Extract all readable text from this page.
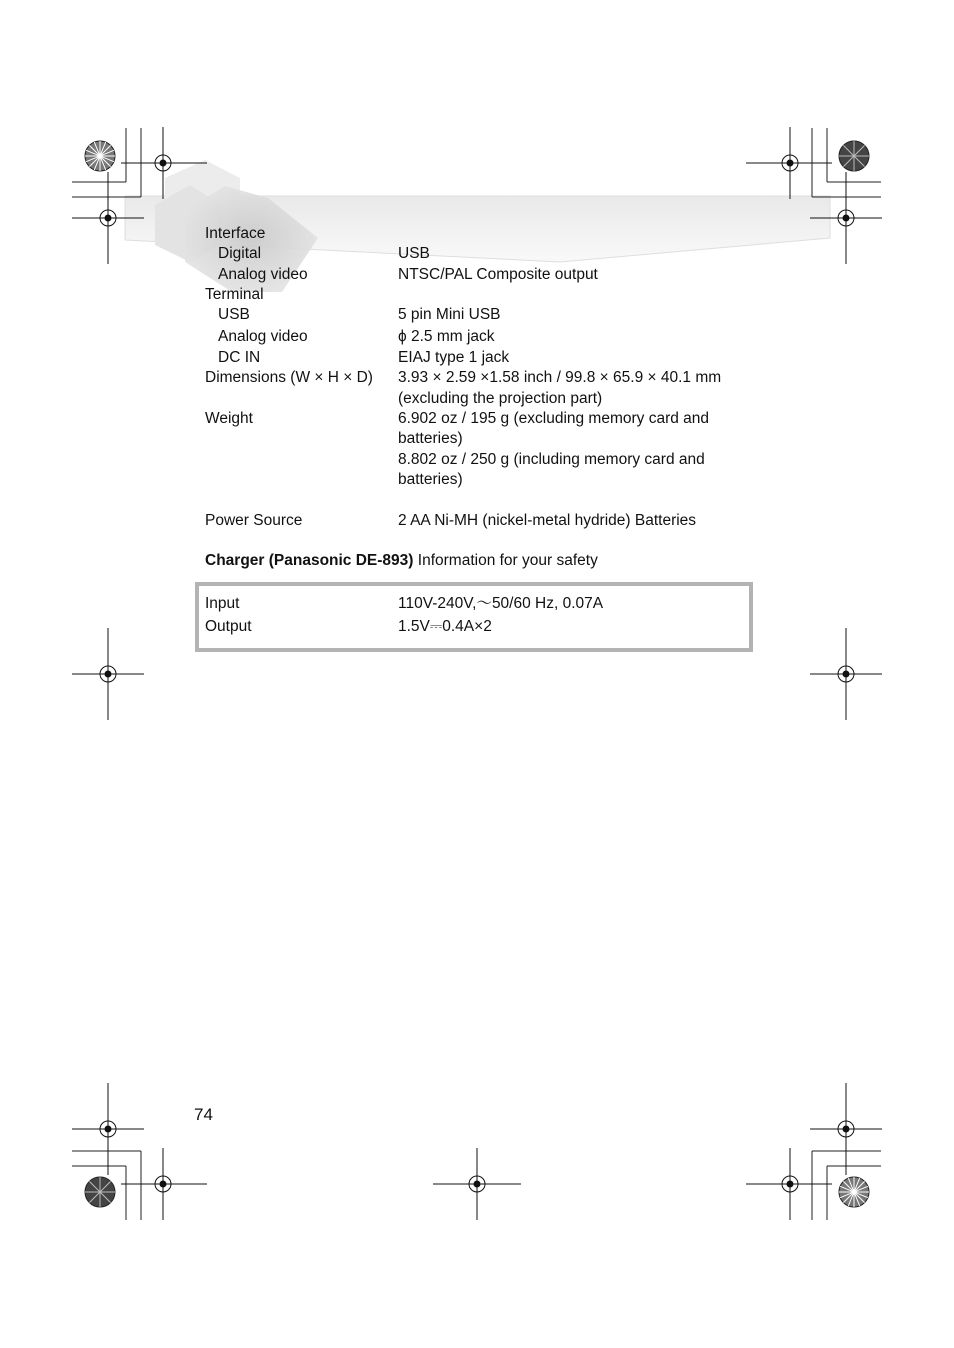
Interface
Digital	USB
Analog video	NTSC/PAL Composite output
Terminal
USB	5 pin Mini USB
Analog video	ϕ 2.5 mm jack
DC IN	EIAJ type 1 jack
Dimensions (W × H × D) 3.93 × 2.59 ×1.58 inch / 99.8 × 65.9 × 40.1 mm
(excluding the projection part)
Weight	6.902 oz / 195 g (excluding memory card and
batteries)
8.802 oz / 250 g (including memory card and
batteries)
Power Source	2 AA Ni-MH (nickel-metal hydride) Batteries
Charger (Panasonic DE-893) Information for your safety
Input	110V-240V,～50/60 Hz, 0.07A
Output	1.5V⎓0.4A×2
74
